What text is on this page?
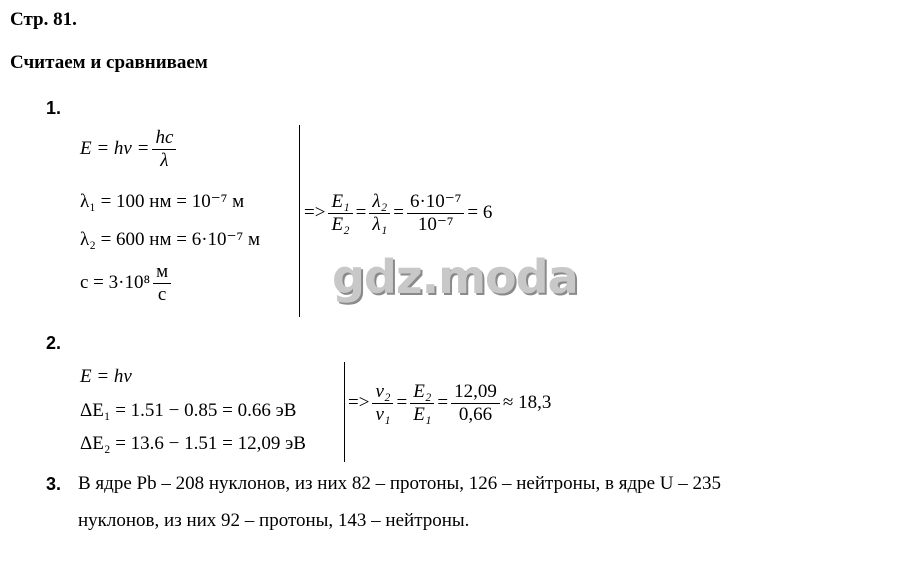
Стр. 81.
Считаем и сравниваем
1.
$E = h\nu = \frac{hc}{\lambda}$
λ₁ = 100 нм = 10⁻⁷ м
λ₂ = 600 нм = 6·10⁻⁷ м
$c = 3\cdot 10^8 \frac{м}{с}$
=> $\frac{\text{E₁}}{\text{E₂}} = \frac{\text{λ₂}}{\text{λ₁}} = \frac{\text{6·10⁻⁷}}{\text{10⁻⁷}} = 6$
gdz.moda
2.
E = hν
ΔE₁ = 1.51 − 0.85 = 0.66 эВ
ΔE₂ = 13.6 − 1.51 = 12,09 эВ
=> $\frac{\text{ν₂}}{\text{ν₁}} = \frac{\text{E₂}}{\text{E₁}} = \frac{12,09}{0,66} \approx 18,3$
3. В ядре Pb – 208 нуклонов, из них 82 – протоны, 126 – нейтроны, в ядре U – 235
нуклонов, из них 92 – протоны, 143 – нейтроны.
